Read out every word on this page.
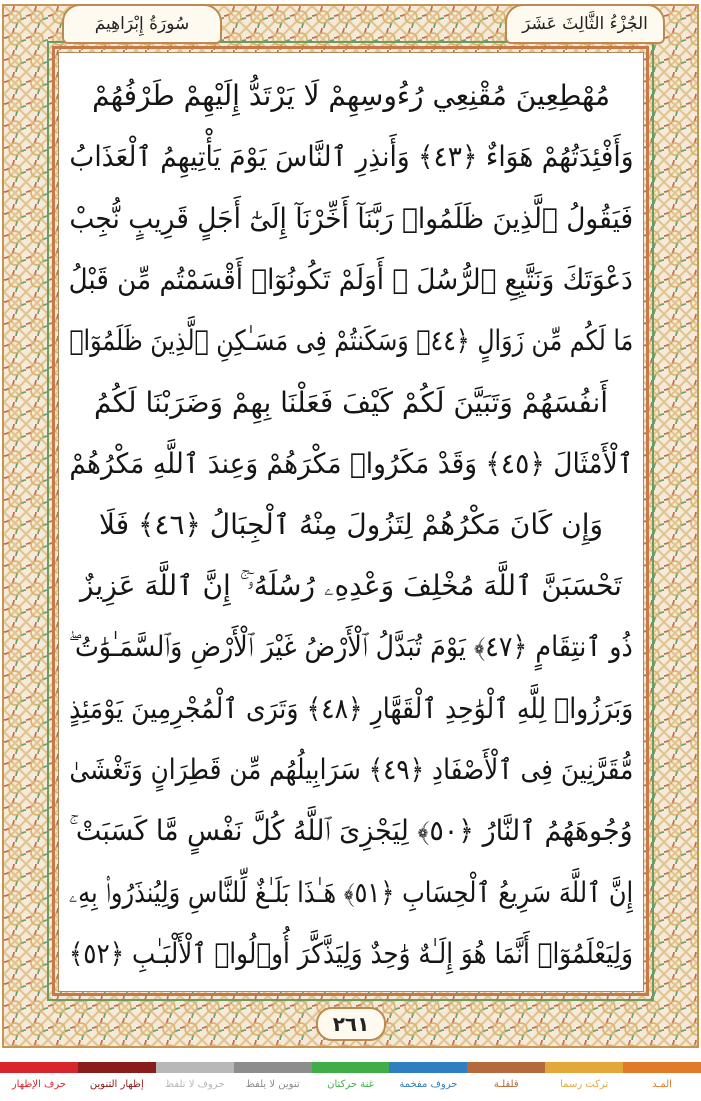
الجُزْءُ الثَّالِثَ عَشَرَ
سُورَةُ إِبْرَاهِيمَ
مُهْطِعِينَ مُقْنِعِي رُءُوسِهِمْ لَا يَرْتَدُّ إِلَيْهِمْ طَرْفُهُمْ
وَأَفْئِدَتُهُمْ هَوَاءٌ ﴿٤٣﴾ وَأَنذِرِ ٱلنَّاسَ يَوْمَ يَأْتِيهِمُ ٱلْعَذَابُ
فَيَقُولُ ٱلَّذِينَ ظَلَمُوا۟ رَبَّنَآ أَخِّرْنَآ إِلَىٰٓ أَجَلٍ قَرِيبٍ نُّجِبْ
دَعْوَتَكَ وَنَتَّبِعِ ٱلرُّسُلَ ۗ أَوَلَمْ تَكُونُوٓا۟ أَقْسَمْتُم مِّن قَبْلُ
مَا لَكُم مِّن زَوَالٍ ﴿٤٤﴾ وَسَكَنتُمْ فِى مَسَـٰكِنِ ٱلَّذِينَ ظَلَمُوٓا۟
أَنفُسَهُمْ وَتَبَيَّنَ لَكُمْ كَيْفَ فَعَلْنَا بِهِمْ وَضَرَبْنَا لَكُمُ
ٱلْأَمْثَالَ ﴿٤٥﴾ وَقَدْ مَكَرُوا۟ مَكْرَهُمْ وَعِندَ ٱللَّهِ مَكْرُهُمْ
وَإِن كَانَ مَكْرُهُمْ لِتَزُولَ مِنْهُ ٱلْجِبَالُ ﴿٤٦﴾ فَلَا
تَحْسَبَنَّ ٱللَّهَ مُخْلِفَ وَعْدِهِۦ رُسُلَهُۥٓ ۚ إِنَّ ٱللَّهَ عَزِيزٌ
ذُو ٱنتِقَامٍ ﴿٤٧﴾ يَوْمَ تُبَدَّلُ ٱلْأَرْضُ غَيْرَ ٱلْأَرْضِ وَٱلسَّمَـٰوَٰتُ ۖ
وَبَرَزُوا۟ لِلَّهِ ٱلْوَٰحِدِ ٱلْقَهَّارِ ﴿٤٨﴾ وَتَرَى ٱلْمُجْرِمِينَ يَوْمَئِذٍ
مُّقَرَّنِينَ فِى ٱلْأَصْفَادِ ﴿٤٩﴾ سَرَابِيلُهُم مِّن قَطِرَانٍ وَتَغْشَىٰ
وُجُوهَهُمُ ٱلنَّارُ ﴿٥٠﴾ لِيَجْزِىَ ٱللَّهُ كُلَّ نَفْسٍ مَّا كَسَبَتْ ۚ
إِنَّ ٱللَّهَ سَرِيعُ ٱلْحِسَابِ ﴿٥١﴾ هَـٰذَا بَلَـٰغٌ لِّلنَّاسِ وَلِيُنذَرُوا۟ بِهِۦ
وَلِيَعْلَمُوٓا۟ أَنَّمَا هُوَ إِلَـٰهٌ وَٰحِدٌ وَلِيَذَّكَّرَ أُو۟لُوا۟ ٱلْأَلْبَـٰبِ ﴿٥٢﴾
٢٦١
المـد
تركت رسما
قلقلـة
حروف مفخمة
غنة حركتان
تنوين لا يلفظ
حروف لا تلفظ
إظهار التنوين
حرف الإظهار
